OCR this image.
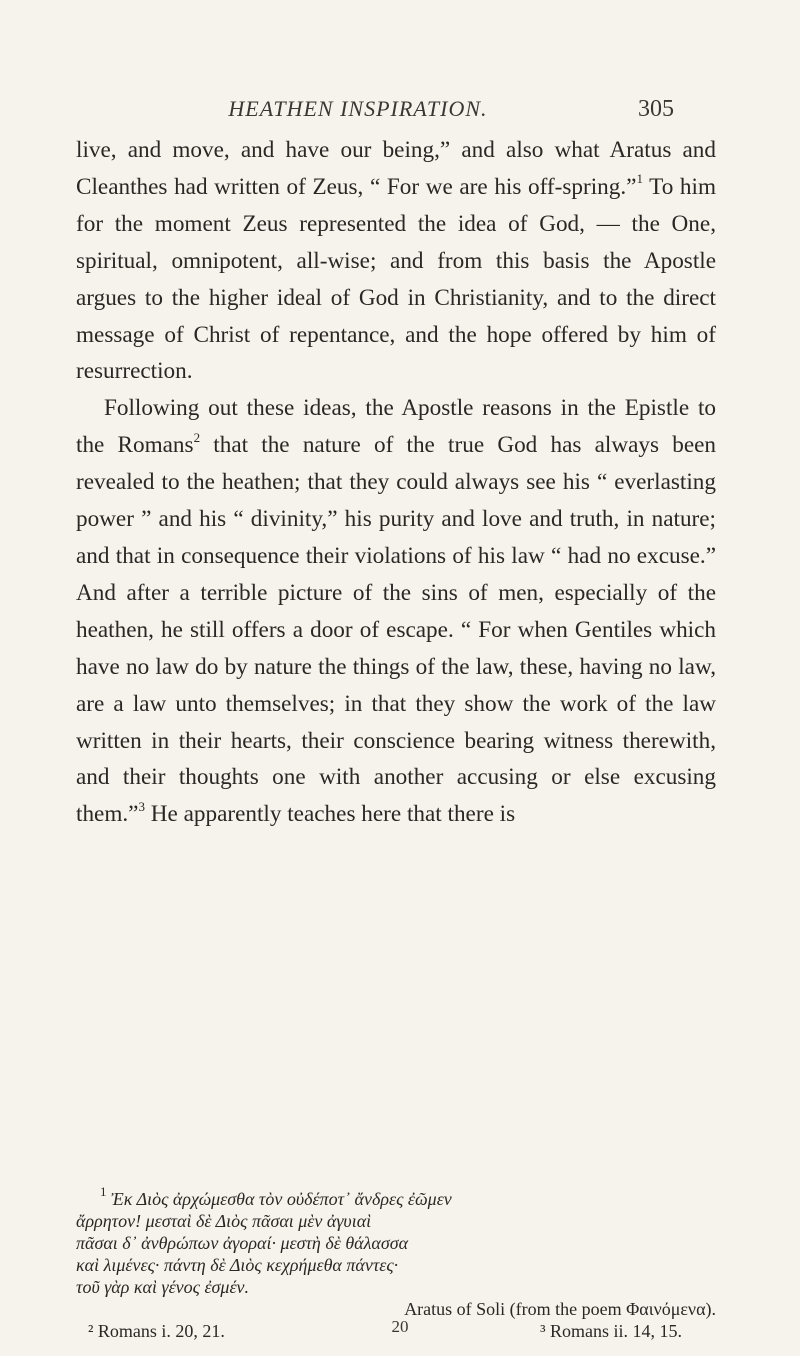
HEATHEN INSPIRATION.	305

live, and move, and have our being,” and also what Aratus and Cleanthes had written of Zeus, “ For we are his off-spring.”$^1$ To him for the moment Zeus represented the idea of God, — the One, spiritual, omnipotent, all-wise; and from this basis the Apostle argues to the higher ideal of God in Christianity, and to the direct message of Christ of repentance, and the hope offered by him of resurrection.

Following out these ideas, the Apostle reasons in the Epistle to the Romans$^2$ that the nature of the true God has always been revealed to the heathen; that they could always see his “ everlasting power ” and his “ divinity,” his purity and love and truth, in nature; and that in consequence their violations of his law “ had no excuse.” And after a terrible picture of the sins of men, especially of the heathen, he still offers a door of escape. “ For when Gentiles which have no law do by nature the things of the law, these, having no law, are a law unto themselves; in that they show the work of the law written in their hearts, their conscience bearing witness therewith, and their thoughts one with another accusing or else excusing them.”$^3$ He apparently teaches here that there is

$^1$ Ἐκ Διὸς ἀρχώμεσθα τὸν οὐδέποτ᾽ ἄνδρες ἐῶμεν
ἄρρητον! μεσταὶ δὲ Διὸς πᾶσαι μὲν ἀγυιαὶ
πᾶσαι δ᾽ ἀνθρώπων ἀγοραί· μεστὴ δὲ θάλασσα
καὶ λιμένες· πάντη δὲ Διὸς κεχρήμεθα πάντες·
τοῦ γὰρ καὶ γένος ἐσμέν.
Aratus of Soli (from the poem Φαινόμενα).
² Romans i. 20, 21.	³ Romans ii. 14, 15.
20
